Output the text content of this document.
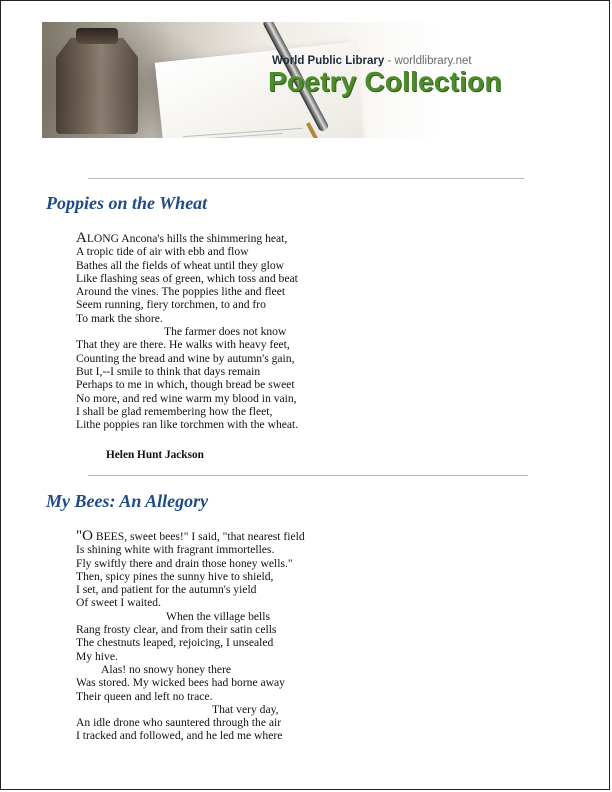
World Public Library - worldlibrary.net
Poetry Collection
Poppies on the Wheat
ALONG Ancona's hills the shimmering heat,
A tropic tide of air with ebb and flow
Bathes all the fields of wheat until they glow
Like flashing seas of green, which toss and beat
Around the vines. The poppies lithe and fleet
Seem running, fiery torchmen, to and fro
To mark the shore.
The farmer does not know
That they are there. He walks with heavy feet,
Counting the bread and wine by autumn's gain,
But I,--I smile to think that days remain
Perhaps to me in which, though bread be sweet
No more, and red wine warm my blood in vain,
I shall be glad remembering how the fleet,
Lithe poppies ran like torchmen with the wheat.
Helen Hunt Jackson
My Bees: An Allegory
"O BEES, sweet bees!" I said, "that nearest field
Is shining white with fragrant immortelles.
Fly swiftly there and drain those honey wells."
Then, spicy pines the sunny hive to shield,
I set, and patient for the autumn's yield
Of sweet I waited.
When the village bells
Rang frosty clear, and from their satin cells
The chestnuts leaped, rejoicing, I unsealed
My hive.
Alas! no snowy honey there
Was stored. My wicked bees had borne away
Their queen and left no trace.
That very day,
An idle drone who sauntered through the air
I tracked and followed, and he led me where
